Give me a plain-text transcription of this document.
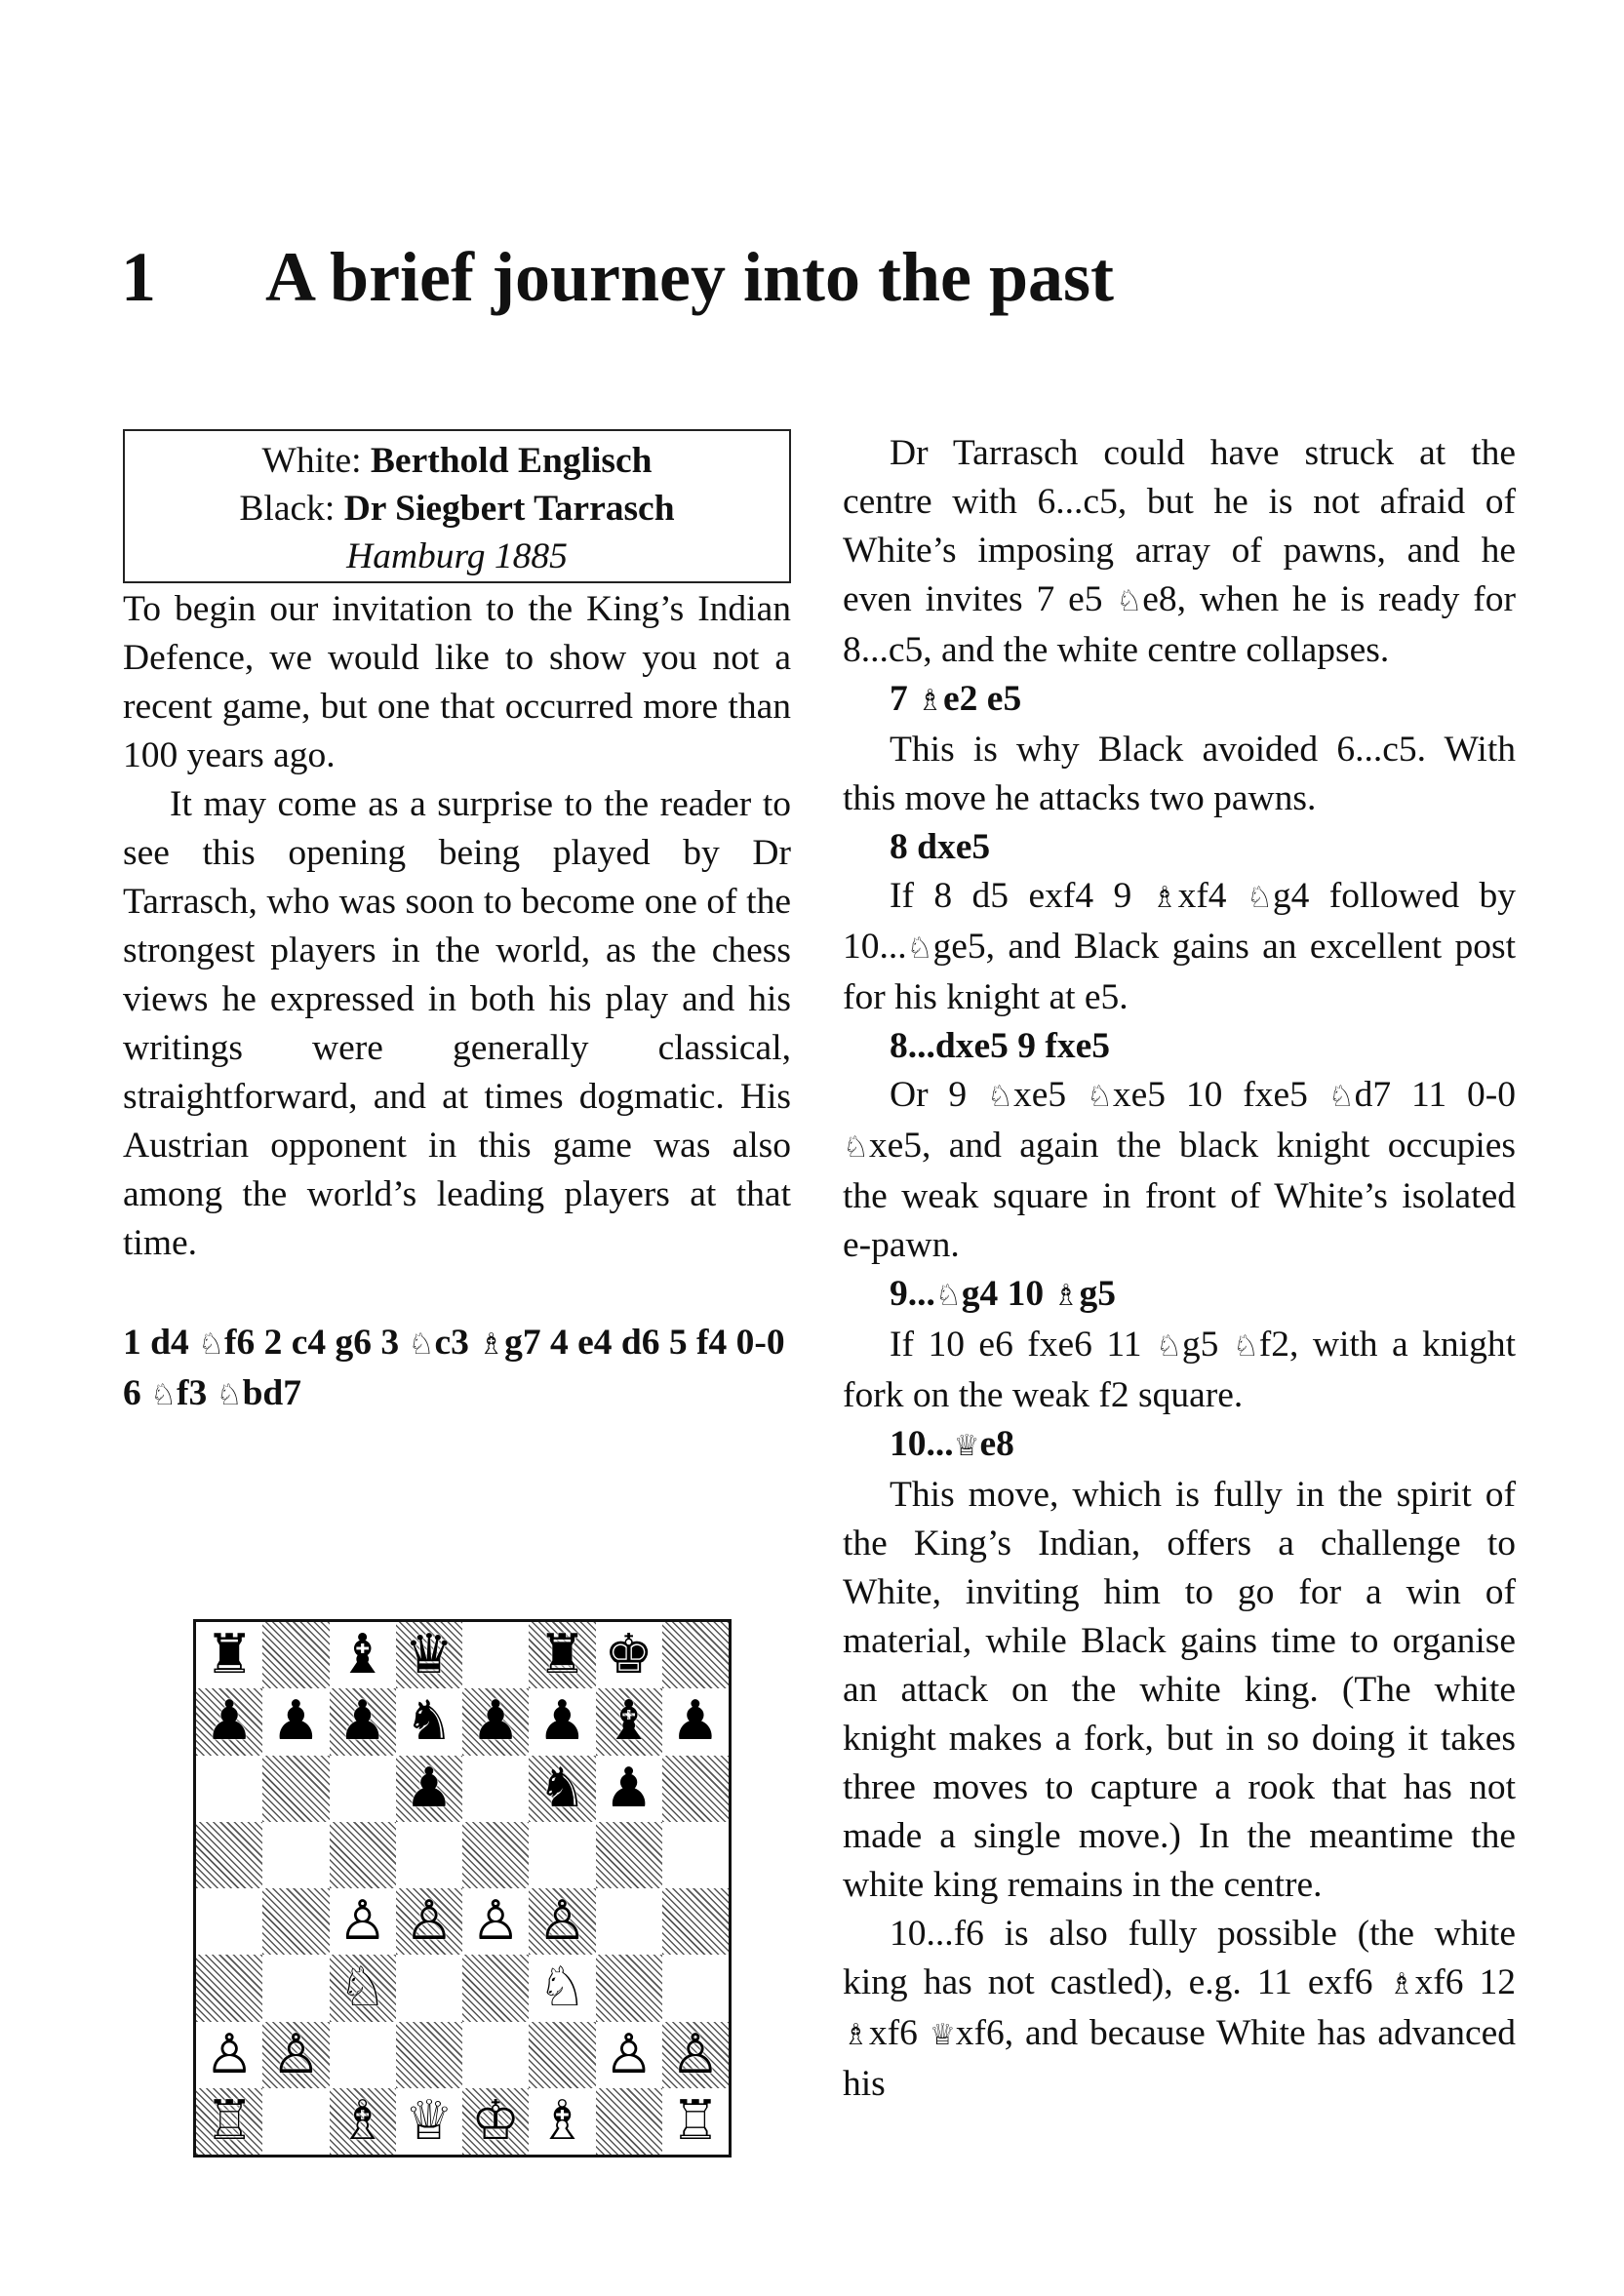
1 A brief journey into the past
White: Berthold Englisch
Black: Dr Siegbert Tarrasch
Hamburg 1885

To begin our invitation to the King’s Indian Defence, we would like to show you not a recent game, but one that occurred more than 100 years ago.

It may come as a surprise to the reader to see this opening being played by Dr Tarrasch, who was soon to become one of the strongest players in the world, as the chess views he expressed in both his play and his writings were generally classical, straightforward, and at times dogmatic. His Austrian opponent in this game was also among the world’s leading players at that time.

1 d4 ♘f6 2 c4 g6 3 ♘c3 ♗g7 4 e4 d6 5 f4 0-0 6 ♘f3 ♘bd7

♜ ♝ ♛ ♜ ♚
♟ ♟ ♟ ♞ ♟ ♟ ♝ ♟
♟ ♞ ♟
♙ ♙ ♙ ♙
♘	♘
♙ ♙	♙ ♙
♖ ♗ ♕ ♔ ♗ ♖

Dr Tarrasch could have struck at the centre with 6...c5, but he is not afraid of White’s imposing array of pawns, and he even invites 7 e5 ♘e8, when he is ready for 8...c5, and the white centre collapses.

7 ♗e2 e5

This is why Black avoided 6...c5. With this move he attacks two pawns.

8 dxe5

If 8 d5 exf4 9 ♗xf4 ♘g4 followed by 10...♘ge5, and Black gains an excellent post for his knight at e5.

8...dxe5 9 fxe5

Or 9 ♘xe5 ♘xe5 10 fxe5 ♘d7 11 0-0 ♘xe5, and again the black knight occupies the weak square in front of White’s isolated e-pawn.

9...♘g4 10 ♗g5

If 10 e6 fxe6 11 ♘g5 ♘f2, with a knight fork on the weak f2 square.

10...♕e8

This move, which is fully in the spirit of the King’s Indian, offers a challenge to White, inviting him to go for a win of material, while Black gains time to organise an attack on the white king. (The white knight makes a fork, but in so doing it takes three moves to capture a rook that has not made a single move.) In the meantime the white king remains in the centre.

10...f6 is also fully possible (the white king has not castled), e.g. 11 exf6 ♗xf6 12 ♗xf6 ♕xf6, and because White has advanced his
